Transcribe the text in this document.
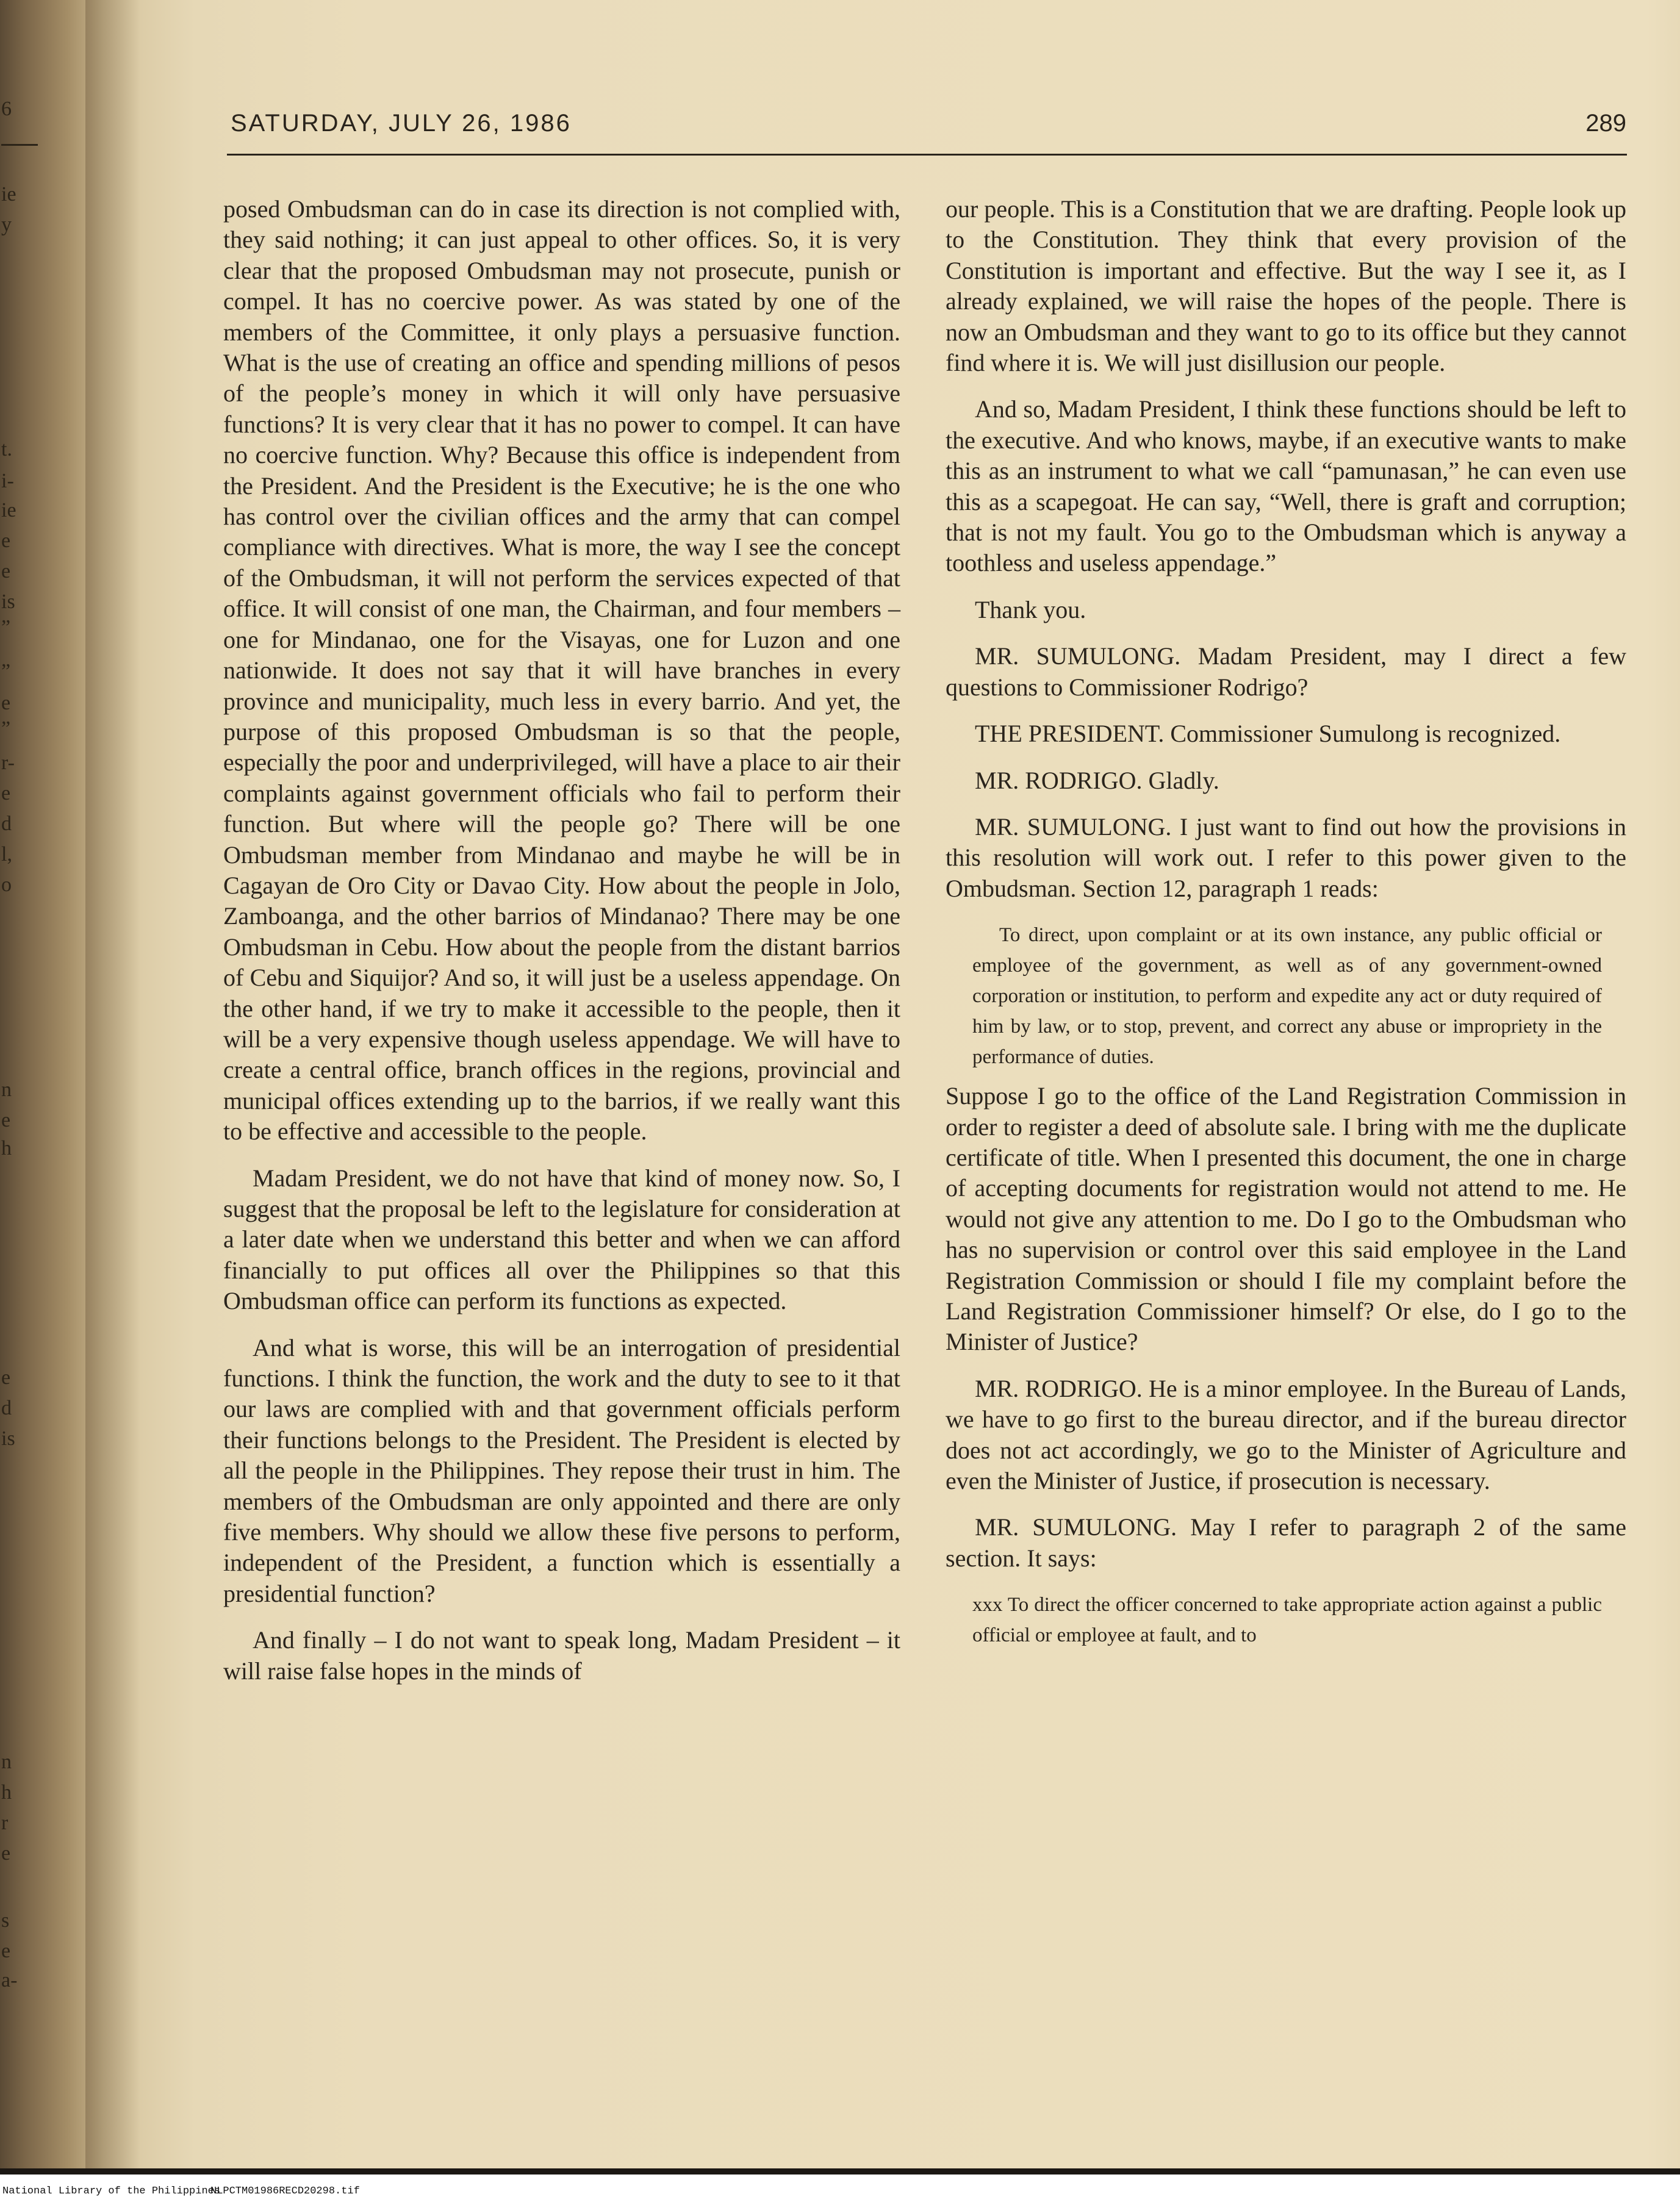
6
ie
y
t.
i-
ie
e
e
is
”
”
e
”
r-
e
d
l,
o
n
e
h
e
d
is
n
h
r
e
s
e
a-
SATURDAY, JULY 26, 1986	289

posed Ombudsman can do in case its direction is not complied with, they said nothing; it can just appeal to other offices. So, it is very clear that the proposed Ombudsman may not prosecute, punish or compel. It has no coercive power. As was stated by one of the members of the Committee, it only plays a persuasive function. What is the use of creating an office and spending millions of pesos of the people’s money in which it will only have persuasive functions? It is very clear that it has no power to compel. It can have no coercive function. Why? Because this office is independent from the President. And the President is the Executive; he is the one who has control over the civilian offices and the army that can compel compliance with directives. What is more, the way I see the concept of the Ombudsman, it will not perform the services expected of that office. It will consist of one man, the Chairman, and four members – one for Mindanao, one for the Visayas, one for Luzon and one nationwide. It does not say that it will have branches in every province and municipality, much less in every barrio. And yet, the purpose of this proposed Ombudsman is so that the people, especially the poor and underprivileged, will have a place to air their complaints against government officials who fail to perform their function. But where will the people go? There will be one Ombudsman member from Mindanao and maybe he will be in Cagayan de Oro City or Davao City. How about the people in Jolo, Zamboanga, and the other barrios of Mindanao? There may be one Ombudsman in Cebu. How about the people from the distant barrios of Cebu and Siquijor? And so, it will just be a useless appendage. On the other hand, if we try to make it accessible to the people, then it will be a very expensive though useless appendage. We will have to create a central office, branch offices in the regions, provincial and municipal offices extending up to the barrios, if we really want this to be effective and accessible to the people.

Madam President, we do not have that kind of money now. So, I suggest that the proposal be left to the legislature for consideration at a later date when we understand this better and when we can afford financially to put offices all over the Philippines so that this Ombudsman office can perform its functions as expected.

And what is worse, this will be an interrogation of presidential functions. I think the function, the work and the duty to see to it that our laws are complied with and that government officials perform their functions belongs to the President. The President is elected by all the people in the Philippines. They repose their trust in him. The members of the Ombudsman are only appointed and there are only five members. Why should we allow these five persons to perform, independent of the President, a function which is essentially a presidential function?

And finally – I do not want to speak long, Madam President – it will raise false hopes in the minds of

our people. This is a Constitution that we are drafting. People look up to the Constitution. They think that every provision of the Constitution is important and effective. But the way I see it, as I already explained, we will raise the hopes of the people. There is now an Ombudsman and they want to go to its office but they cannot find where it is. We will just disillusion our people.

And so, Madam President, I think these functions should be left to the executive. And who knows, maybe, if an executive wants to make this as an instrument to what we call “pamunasan,” he can even use this as a scapegoat. He can say, “Well, there is graft and corruption; that is not my fault. You go to the Ombudsman which is anyway a toothless and useless appendage.”

Thank you.

MR. SUMULONG. Madam President, may I direct a few questions to Commissioner Rodrigo?

THE PRESIDENT. Commissioner Sumulong is recognized.

MR. RODRIGO. Gladly.

MR. SUMULONG. I just want to find out how the provisions in this resolution will work out. I refer to this power given to the Ombudsman. Section 12, paragraph 1 reads:

To direct, upon complaint or at its own instance, any public official or employee of the government, as well as of any government-owned corporation or institution, to perform and expedite any act or duty required of him by law, or to stop, prevent, and correct any abuse or impropriety in the performance of duties.

Suppose I go to the office of the Land Registration Commission in order to register a deed of absolute sale. I bring with me the duplicate certificate of title. When I presented this document, the one in charge of accepting documents for registration would not attend to me. He would not give any attention to me. Do I go to the Ombudsman who has no supervision or control over this said employee in the Land Registration Commission or should I file my complaint before the Land Registration Commissioner himself? Or else, do I go to the Minister of Justice?

MR. RODRIGO. He is a minor employee. In the Bureau of Lands, we have to go first to the bureau director, and if the bureau director does not act accordingly, we go to the Minister of Agriculture and even the Minister of Justice, if prosecution is necessary.

MR. SUMULONG. May I refer to paragraph 2 of the same section. It says:

xxx To direct the officer concerned to take appropriate action against a public official or employee at fault, and to

National Library of the Philippines
NLPCTM01986RECD20298.tif
